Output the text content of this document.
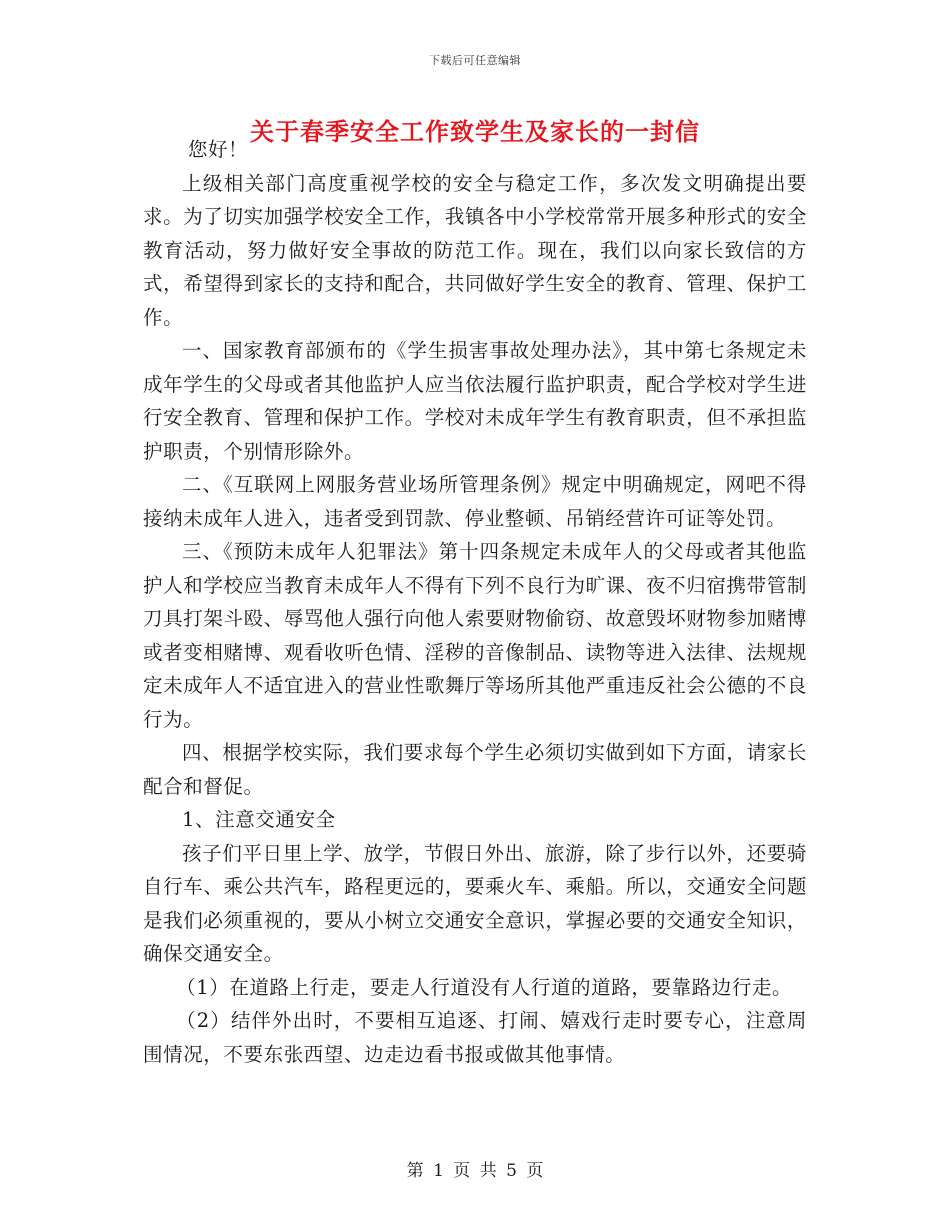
下载后可任意编辑
关于春季安全工作致学生及家长的一封信

您好！

上级相关部门高度重视学校的安全与稳定工作，多次发文明确提出要求。为了切实加强学校安全工作，我镇各中小学校常常开展多种形式的安全教育活动，努力做好安全事故的防范工作。现在，我们以向家长致信的方式，希望得到家长的支持和配合，共同做好学生安全的教育、管理、保护工作。

一、国家教育部颁布的《学生损害事故处理办法》，其中第七条规定未成年学生的父母或者其他监护人应当依法履行监护职责，配合学校对学生进行安全教育、管理和保护工作。学校对未成年学生有教育职责，但不承担监护职责，个别情形除外。

二、《互联网上网服务营业场所管理条例》规定中明确规定，网吧不得接纳未成年人进入，违者受到罚款、停业整顿、吊销经营许可证等处罚。

三、《预防未成年人犯罪法》第十四条规定未成年人的父母或者其他监护人和学校应当教育未成年人不得有下列不良行为旷课、夜不归宿携带管制刀具打架斗殴、辱骂他人强行向他人索要财物偷窃、故意毁坏财物参加赌博或者变相赌博、观看收听色情、淫秽的音像制品、读物等进入法律、法规规定未成年人不适宜进入的营业性歌舞厅等场所其他严重违反社会公德的不良行为。

四、根据学校实际，我们要求每个学生必须切实做到如下方面，请家长配合和督促。

1、注意交通安全

孩子们平日里上学、放学，节假日外出、旅游，除了步行以外，还要骑自行车、乘公共汽车，路程更远的，要乘火车、乘船。所以，交通安全问题是我们必须重视的，要从小树立交通安全意识，掌握必要的交通安全知识，确保交通安全。

（1）在道路上行走，要走人行道没有人行道的道路，要靠路边行走。

（2）结伴外出时，不要相互追逐、打闹、嬉戏行走时要专心，注意周围情况，不要东张西望、边走边看书报或做其他事情。

第 1 页 共 5 页
